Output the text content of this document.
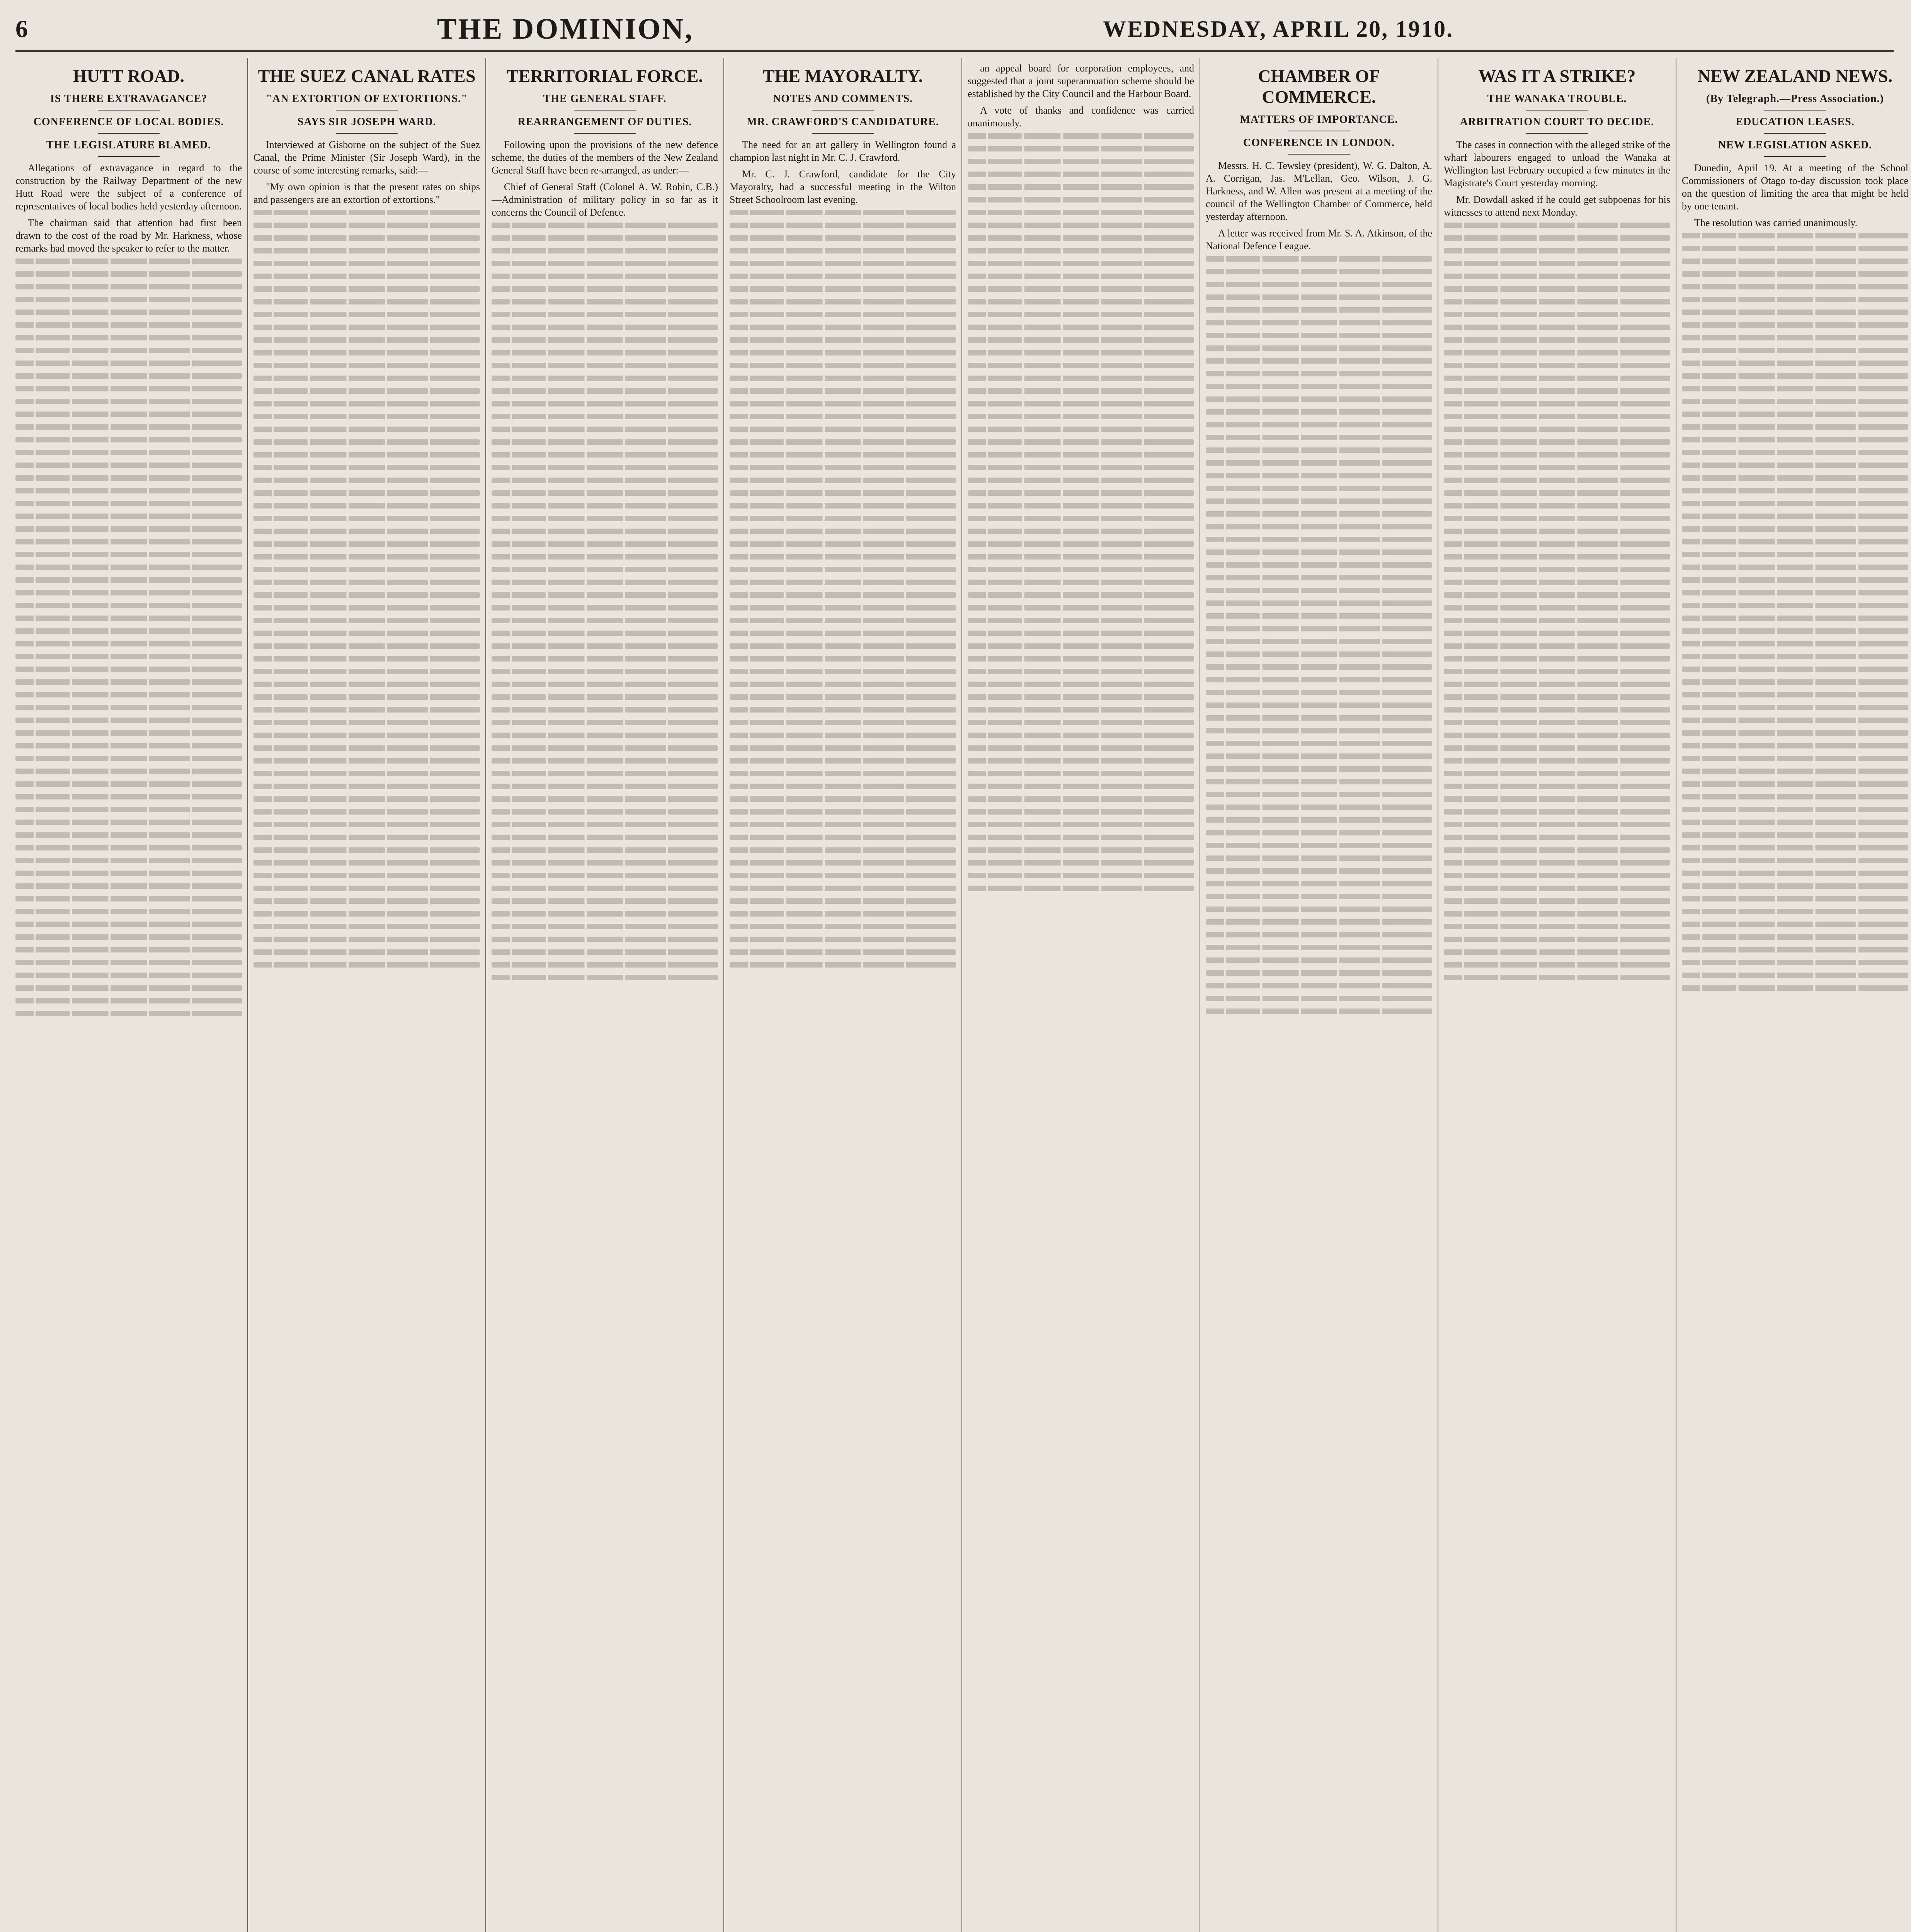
6	THE DOMINION,	WEDNESDAY, APRIL 20, 1910.
HUTT ROAD.
IS THERE EXTRAVAGANCE?
CONFERENCE OF LOCAL BODIES.
THE LEGISLATURE BLAMED.

Allegations of extravagance in regard to the construction by the Railway Department of the new Hutt Road were the subject of a conference of representatives of local bodies held yesterday afternoon.

The chairman said that attention had first been drawn to the cost of the road by Mr. Harkness, whose remarks had moved the speaker to refer to the matter.

THE SUEZ CANAL RATES
"AN EXTORTION OF EXTORTIONS."
SAYS SIR JOSEPH WARD.

Interviewed at Gisborne on the subject of the Suez Canal, the Prime Minister (Sir Joseph Ward), in the course of some interesting remarks, said:—

"My own opinion is that the present rates on ships and passengers are an extortion of extortions."

TERRITORIAL FORCE.
THE GENERAL STAFF.
REARRANGEMENT OF DUTIES.

Following upon the provisions of the new defence scheme, the duties of the members of the New Zealand General Staff have been re-arranged, as under:—

Chief of General Staff (Colonel A. W. Robin, C.B.)—Administration of military policy in so far as it concerns the Council of Defence.

THE MAYORALTY.
NOTES AND COMMENTS.
MR. CRAWFORD'S CANDIDATURE.

The need for an art gallery in Wellington found a champion last night in Mr. C. J. Crawford.

Mr. C. J. Crawford, candidate for the City Mayoralty, had a successful meeting in the Wilton Street Schoolroom last evening.

an appeal board for corporation employees, and suggested that a joint superannuation scheme should be established by the City Council and the Harbour Board.

A vote of thanks and confidence was carried unanimously.

CHAMBER OF COMMERCE.
MATTERS OF IMPORTANCE.
CONFERENCE IN LONDON.

Messrs. H. C. Tewsley (president), W. G. Dalton, A. A. Corrigan, Jas. M'Lellan, Geo. Wilson, J. G. Harkness, and W. Allen was present at a meeting of the council of the Wellington Chamber of Commerce, held yesterday afternoon.

A letter was received from Mr. S. A. Atkinson, of the National Defence League.

WAS IT A STRIKE?
THE WANAKA TROUBLE.
ARBITRATION COURT TO DECIDE.

The cases in connection with the alleged strike of the wharf labourers engaged to unload the Wanaka at Wellington last February occupied a few minutes in the Magistrate's Court yesterday morning.

Mr. Dowdall asked if he could get subpoenas for his witnesses to attend next Monday.

NEW ZEALAND NEWS.
(By Telegraph.—Press Association.)
EDUCATION LEASES.
NEW LEGISLATION ASKED.

Dunedin, April 19. At a meeting of the School Commissioners of Otago to-day discussion took place on the question of limiting the area that might be held by one tenant.

The resolution was carried unanimously.
